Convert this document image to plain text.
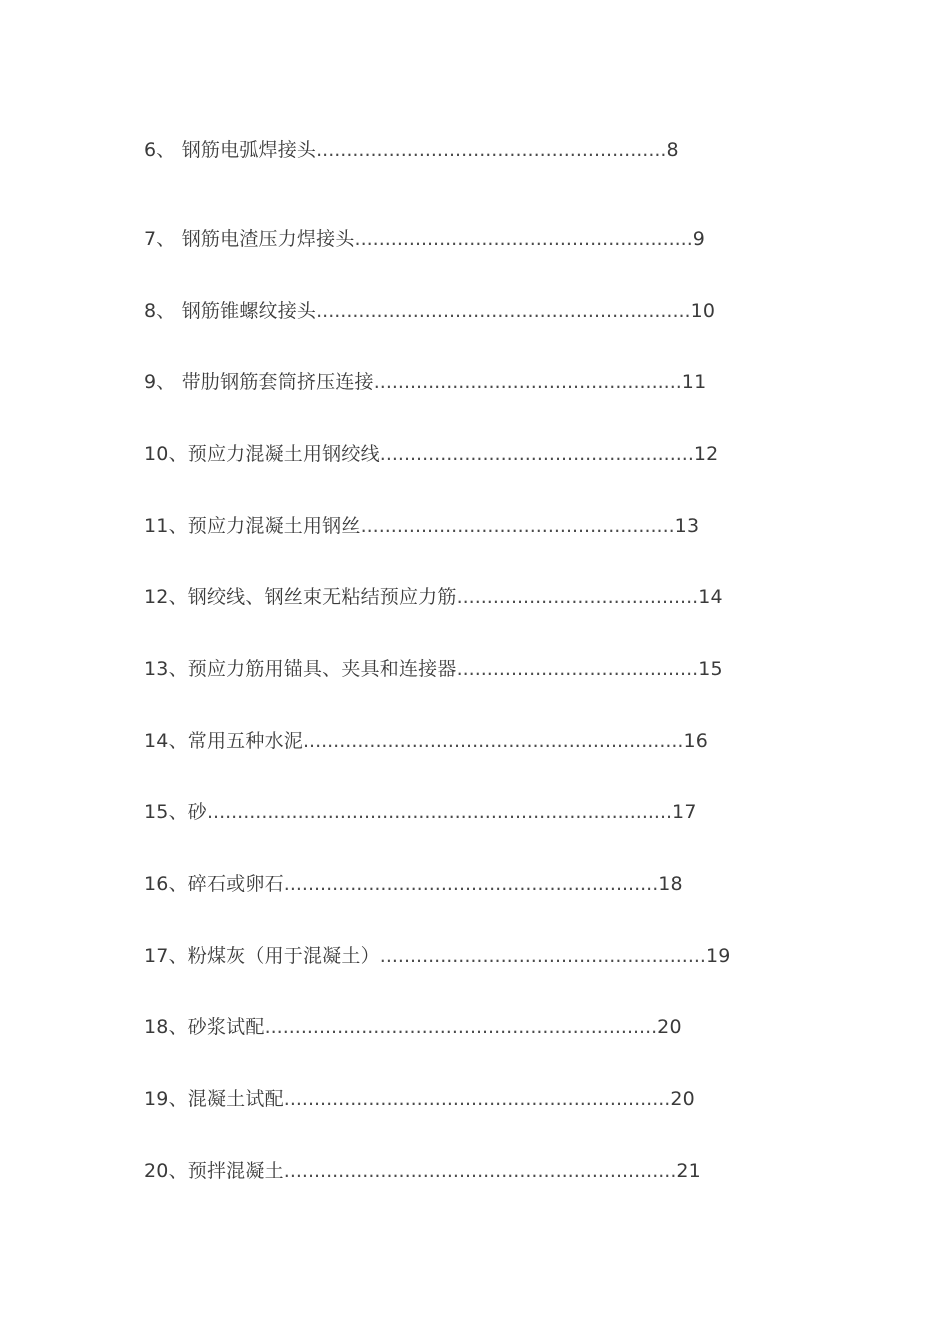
6、 钢筋电弧焊接头..........................................................8
7、 钢筋电渣压力焊接头........................................................9
8、 钢筋锥螺纹接头..............................................................10
9、 带肋钢筋套筒挤压连接...................................................11
10、预应力混凝土用钢绞线....................................................12
11、预应力混凝土用钢丝....................................................13
12、钢绞线、钢丝束无粘结预应力筋........................................14
13、预应力筋用锚具、夹具和连接器........................................15
14、常用五种水泥...............................................................16
15、砂.............................................................................17
16、碎石或卵石..............................................................18
17、粉煤灰（用于混凝土）......................................................19
18、砂浆试配.................................................................20
19、混凝土试配................................................................20
20、预拌混凝土.................................................................21
